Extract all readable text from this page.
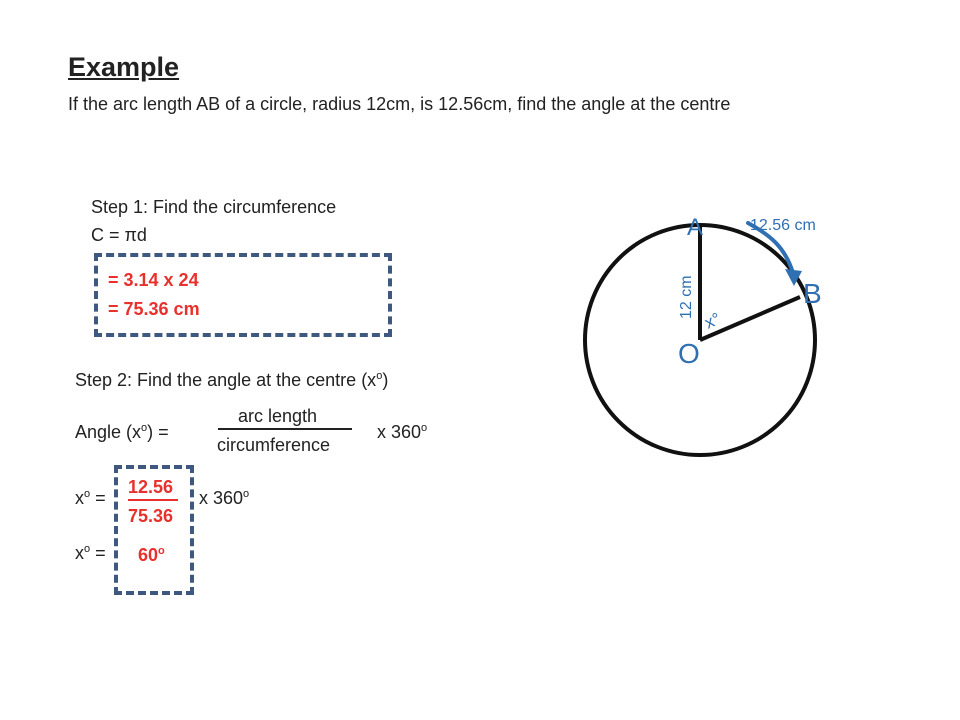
Example
If the arc length AB of a circle, radius 12cm, is 12.56cm, find the angle at the centre
Step 1: Find the circumference
C = πd
= 3.14 x 24
= 75.36 cm
Step 2: Find the angle at the centre $(x^o)$
Angle $(x^o)$ =
arc length
circumference
x 360$^o$
$x^o$ =
12.56
75.36
x 360$^o$
$x^o = 60^o$
A
B
O
12.56 cm
12 cm
x°
